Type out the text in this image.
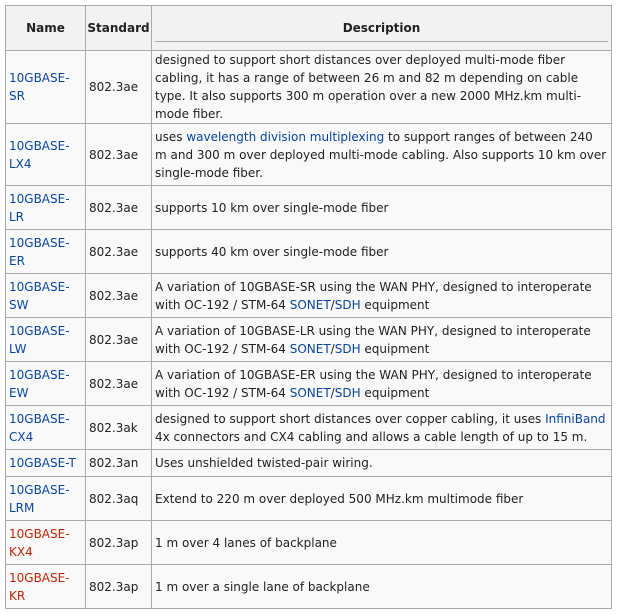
Name	Standard	Description

10GBASE-
SR	802.3ae	designed to support short distances over deployed multi-mode fiber cabling, it has a range of between 26 m and 82 m depending on cable type. It also supports 300 m operation over a new 2000 MHz.km multi-mode fiber.
10GBASE-
LX4	802.3ae	uses wavelength division multiplexing to support ranges of between 240 m and 300 m over deployed multi-mode cabling. Also supports 10 km over single-mode fiber.
10GBASE-
LR	802.3ae	supports 10 km over single-mode fiber
10GBASE-
ER	802.3ae	supports 40 km over single-mode fiber
10GBASE-
SW	802.3ae	A variation of 10GBASE-SR using the WAN PHY, designed to interoperate with OC-192 / STM-64 SONET/SDH equipment
10GBASE-
LW	802.3ae	A variation of 10GBASE-LR using the WAN PHY, designed to interoperate with OC-192 / STM-64 SONET/SDH equipment
10GBASE-
EW	802.3ae	A variation of 10GBASE-ER using the WAN PHY, designed to interoperate with OC-192 / STM-64 SONET/SDH equipment
10GBASE-
CX4	802.3ak	designed to support short distances over copper cabling, it uses InfiniBand 4x connectors and CX4 cabling and allows a cable length of up to 15 m.
10GBASE-T	802.3an	Uses unshielded twisted-pair wiring.
10GBASE-
LRM	802.3aq	Extend to 220 m over deployed 500 MHz.km multimode fiber
10GBASE-
KX4	802.3ap	1 m over 4 lanes of backplane
10GBASE-
KR	802.3ap	1 m over a single lane of backplane
